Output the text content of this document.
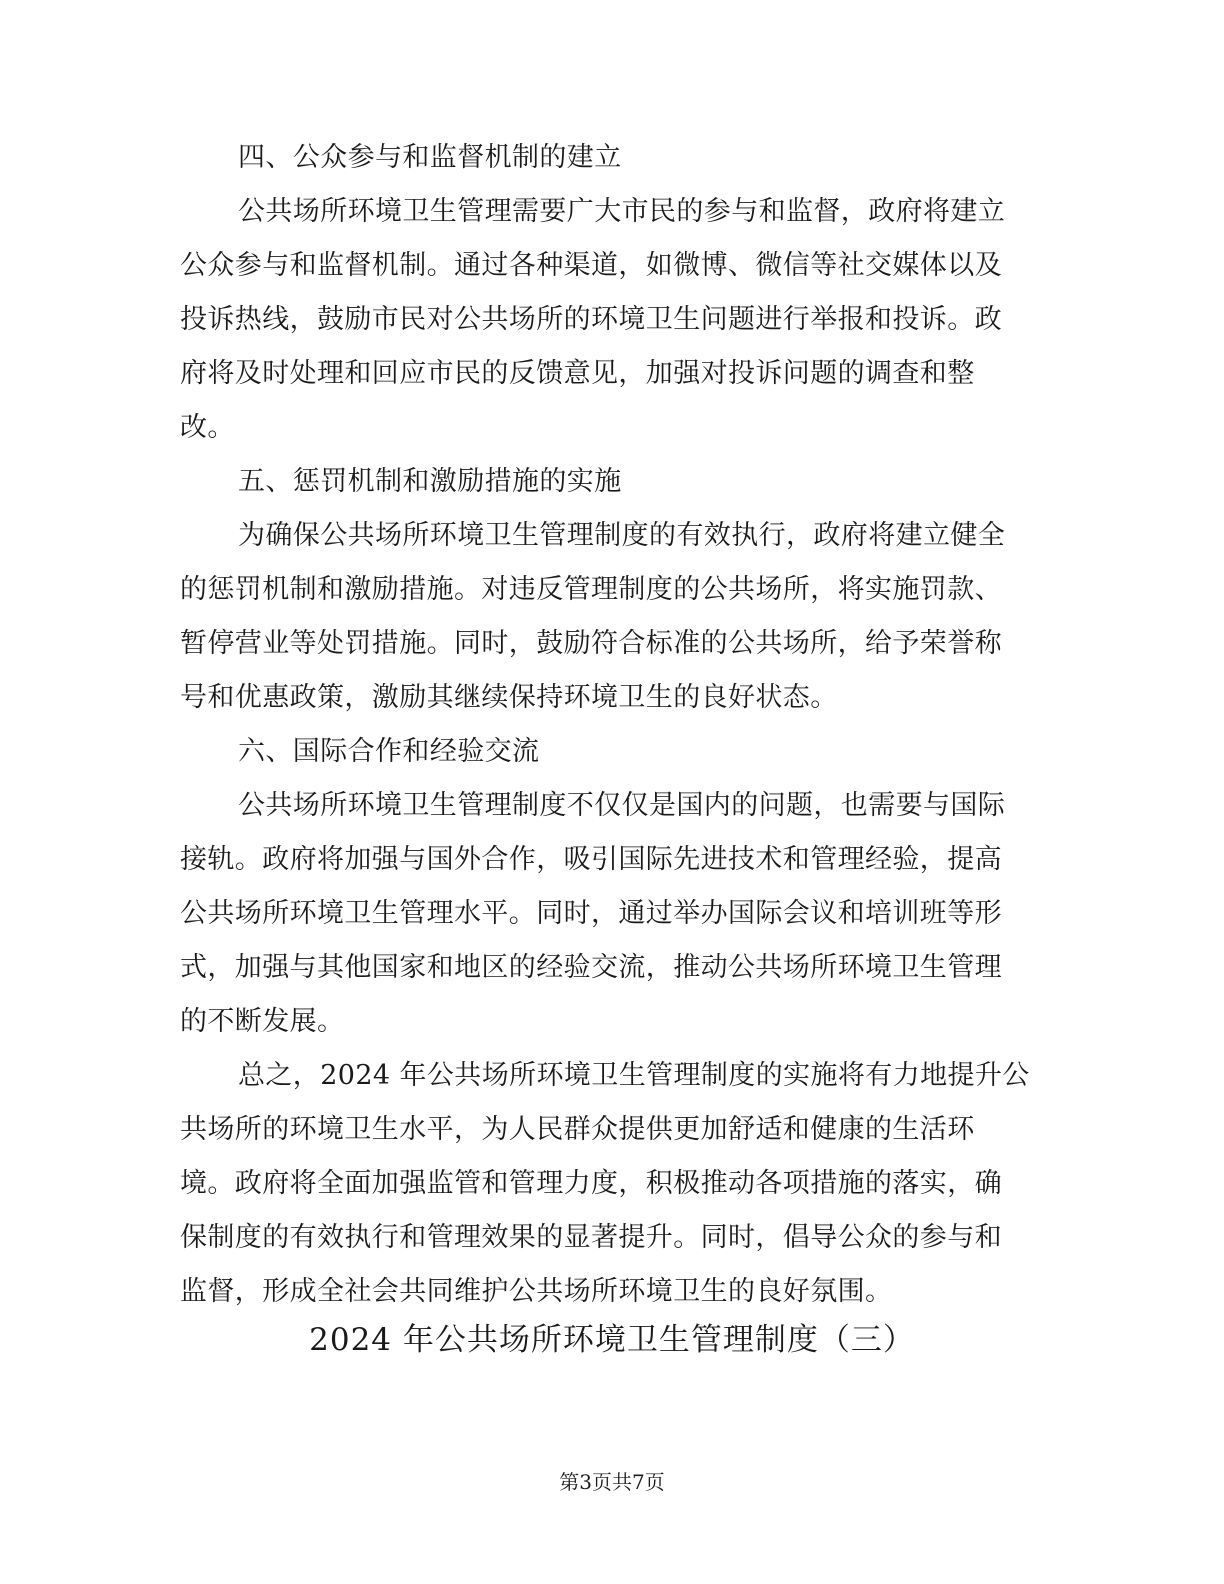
四、公众参与和监督机制的建立
公共场所环境卫生管理需要广大市民的参与和监督，政府将建立
公众参与和监督机制。通过各种渠道，如微博、微信等社交媒体以及
投诉热线，鼓励市民对公共场所的环境卫生问题进行举报和投诉。政
府将及时处理和回应市民的反馈意见，加强对投诉问题的调查和整
改。
五、惩罚机制和激励措施的实施
为确保公共场所环境卫生管理制度的有效执行，政府将建立健全
的惩罚机制和激励措施。对违反管理制度的公共场所，将实施罚款、
暂停营业等处罚措施。同时，鼓励符合标准的公共场所，给予荣誉称
号和优惠政策，激励其继续保持环境卫生的良好状态。
六、国际合作和经验交流
公共场所环境卫生管理制度不仅仅是国内的问题，也需要与国际
接轨。政府将加强与国外合作，吸引国际先进技术和管理经验，提高
公共场所环境卫生管理水平。同时，通过举办国际会议和培训班等形
式，加强与其他国家和地区的经验交流，推动公共场所环境卫生管理
的不断发展。
总之，2024 年公共场所环境卫生管理制度的实施将有力地提升公
共场所的环境卫生水平，为人民群众提供更加舒适和健康的生活环
境。政府将全面加强监管和管理力度，积极推动各项措施的落实，确
保制度的有效执行和管理效果的显著提升。同时，倡导公众的参与和
监督，形成全社会共同维护公共场所环境卫生的良好氛围。
2024 年公共场所环境卫生管理制度（三）
第3页共7页
